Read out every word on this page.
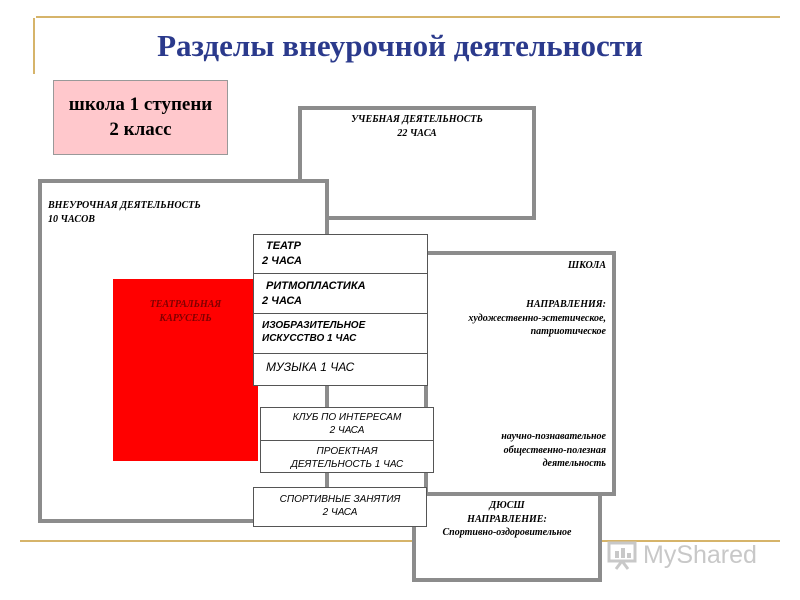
Разделы внеурочной деятельности
школа 1 ступени
2 класс	УЧЕБНАЯ ДЕЯТЕЛЬНОСТЬ
22 ЧАСА
ВНЕУРОЧНАЯ ДЕЯТЕЛЬНОСТЬ
10 ЧАСОВ
ТЕАТРАЛЬНАЯ
КАРУСЕЛЬ
ШКОЛА
НАПРАВЛЕНИЯ:
художественно-эстетическое,
патриотическое
научно-познавательное
общественно-полезная
деятельность
ДЮСШ
НАПРАВЛЕНИЕ:
Спортивно-оздоровительное
ТЕАТР
2 ЧАСА
РИТМОПЛАСТИКА
2 ЧАСА
ИЗОБРАЗИТЕЛЬНОЕ
ИСКУССТВО 1 ЧАС
МУЗЫКА 1 ЧАС
КЛУБ ПО ИНТЕРЕСАМ
2 ЧАСА
ПРОЕКТНАЯ
ДЕЯТЕЛЬНОСТЬ 1 ЧАС
СПОРТИВНЫЕ ЗАНЯТИЯ
2 ЧАСА
MyShared
